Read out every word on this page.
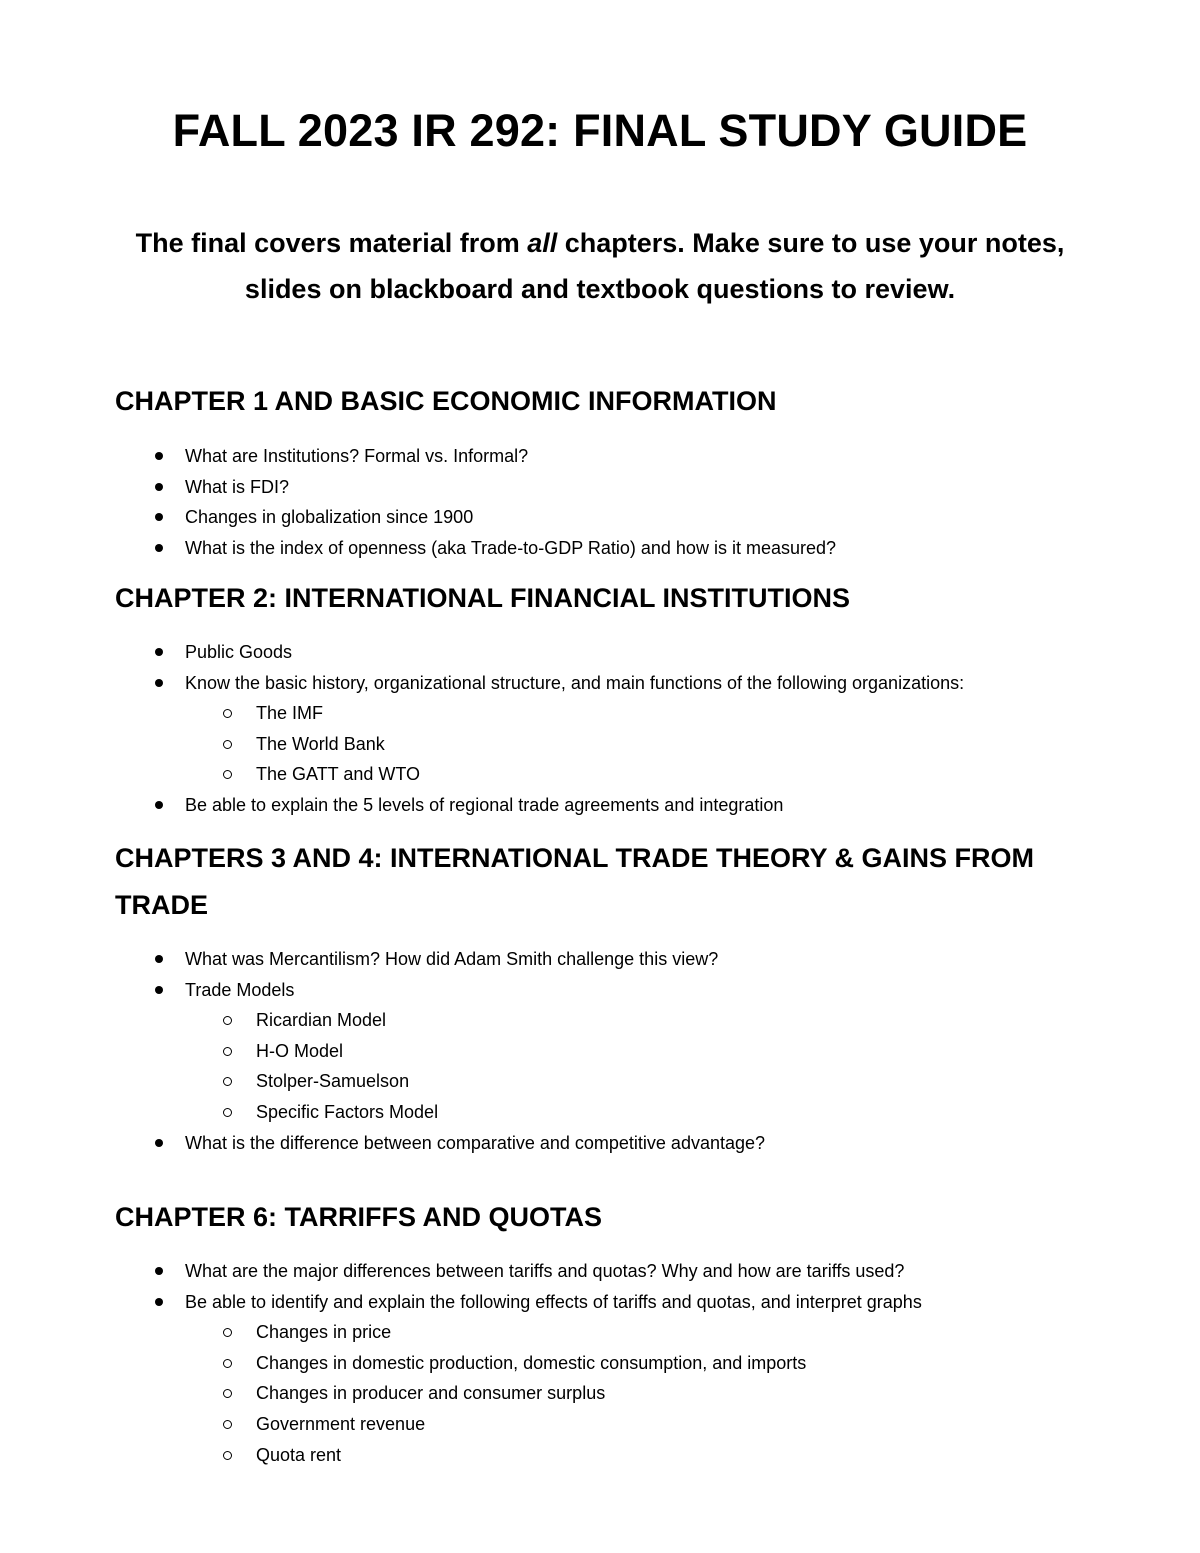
FALL 2023 IR 292: FINAL STUDY GUIDE

The final covers material from all chapters. Make sure to use your notes, slides on blackboard and textbook questions to review.

CHAPTER 1 AND BASIC ECONOMIC INFORMATION
What are Institutions? Formal vs. Informal?
What is FDI?
Changes in globalization since 1900
What is the index of openness (aka Trade-to-GDP Ratio) and how is it measured?
CHAPTER 2: INTERNATIONAL FINANCIAL INSTITUTIONS
Public Goods
Know the basic history, organizational structure, and main functions of the following organizations:
The IMF
The World Bank
The GATT and WTO
Be able to explain the 5 levels of regional trade agreements and integration
CHAPTERS 3 AND 4: INTERNATIONAL TRADE THEORY & GAINS FROM TRADE
What was Mercantilism? How did Adam Smith challenge this view?
Trade Models
Ricardian Model
H-O Model
Stolper-Samuelson
Specific Factors Model
What is the difference between comparative and competitive advantage?
CHAPTER 6: TARRIFFS AND QUOTAS
What are the major differences between tariffs and quotas? Why and how are tariffs used?
Be able to identify and explain the following effects of tariffs and quotas, and interpret graphs
Changes in price
Changes in domestic production, domestic consumption, and imports
Changes in producer and consumer surplus
Government revenue
Quota rent
